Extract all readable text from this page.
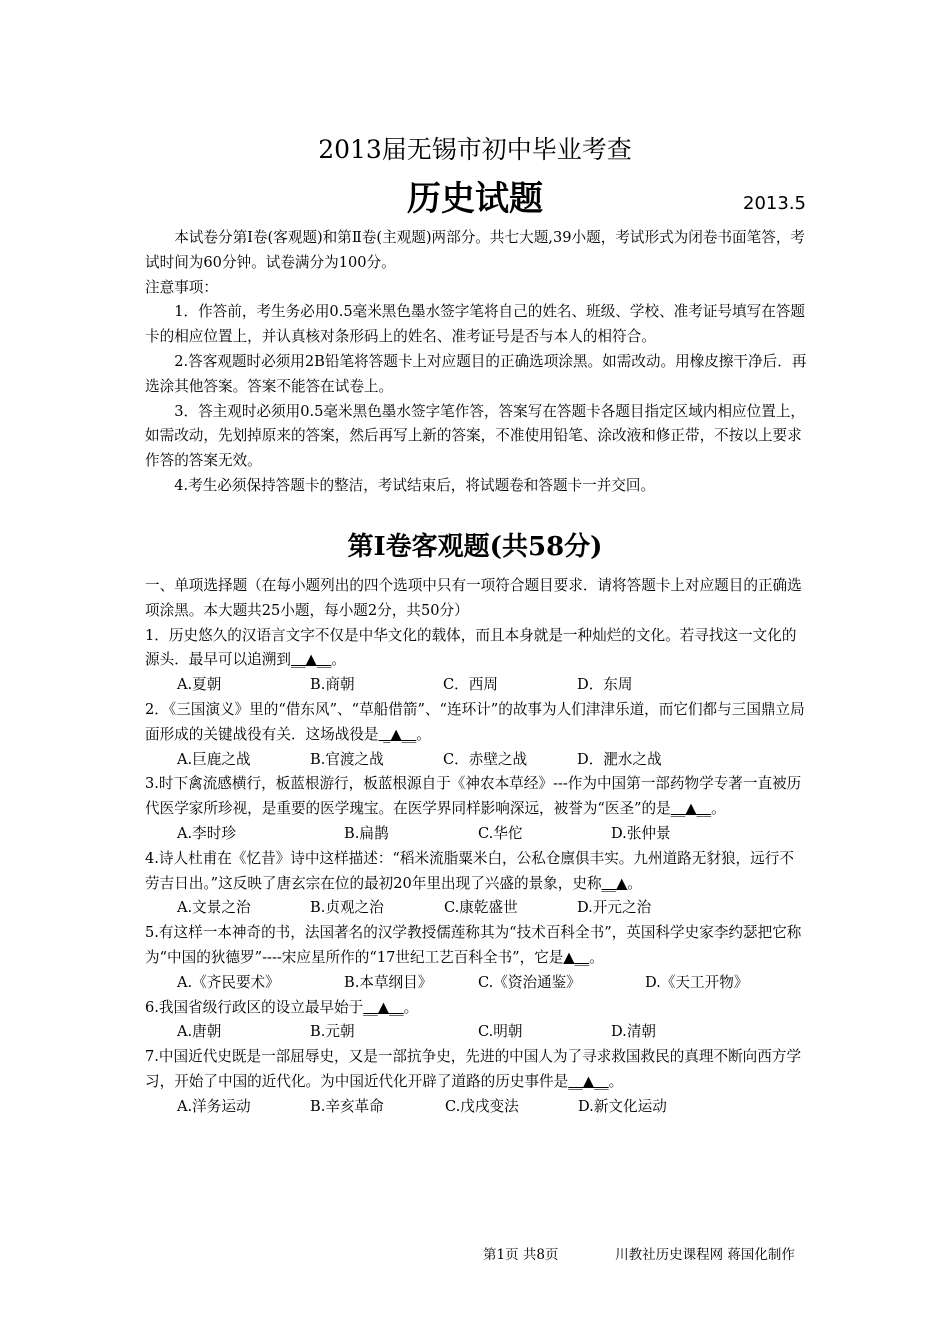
2013届无锡市初中毕业考查
历史试题	2013.5

本试卷分第Ⅰ卷(客观题)和第Ⅱ卷(主观题)两部分。共七大题,39小题，考试形式为闭卷书面笔答，考试时间为60分钟。试卷满分为100分。

注意事项：

1．作答前，考生务必用0.5毫米黑色墨水签字笔将自己的姓名、班级、学校、准考证号填写在答题卡的相应位置上，并认真核对条形码上的姓名、准考证号是否与本人的相符合。

2.答客观题时必须用2B铅笔将答题卡上对应题目的正确选项涂黑。如需改动。用橡皮擦干净后．再选涂其他答案。答案不能答在试卷上。

3．答主观时必须用0.5毫米黑色墨水签字笔作答，答案写在答题卡各题目指定区域内相应位置上，如需改动，先划掉原来的答案，然后再写上新的答案，不准使用铅笔、涂改液和修正带，不按以上要求作答的答案无效。

4.考生必须保持答题卡的整洁，考试结束后，将试题卷和答题卡一并交回。

第Ⅰ卷客观题(共58分)

一、单项选择题（在每小题列出的四个选项中只有一项符合题目要求．请将答题卡上对应题目的正确选项涂黑。本大题共25小题，每小题2分，共50分）

1．历史悠久的汉语言文字不仅是中华文化的载体，而且本身就是一种灿烂的文化。若寻找这一文化的源头．最早可以追溯到__▲__。

A.夏朝	B.商朝	C．西周	D．东周

2．《三国演义》里的“借东风”、“草船借箭”、“连环计”的故事为人们津津乐道，而它们都与三国鼎立局面形成的关键战役有关．这场战役是 _▲__。

A.巨鹿之战	B.官渡之战	C．赤壁之战	D．淝水之战

3.时下禽流感横行，板蓝根游行，板蓝根源自于《神农本草经》---作为中国第一部药物学专著一直被历代医学家所珍视，是重要的医学瑰宝。在医学界同样影响深远，被誉为“医圣”的是__▲__。

A.李时珍	B.扁鹊	C.华佗	D.张仲景

4.诗人杜甫在《忆昔》诗中这样描述：“稻米流脂粟米白，公私仓廪俱丰实。九州道路无豺狼，远行不劳吉日出。”这反映了唐玄宗在位的最初20年里出现了兴盛的景象，史称__▲。

A.文景之治	B.贞观之治	C.康乾盛世	D.开元之治

5.有这样一本神奇的书，法国著名的汉学教授儒莲称其为“技术百科全书”，英国科学史家李约瑟把它称为“中国的狄德罗”----宋应星所作的“17世纪工艺百科全书”，它是▲__。

A.《齐民要术》	B.本草纲目》	C.《资治通鉴》	D.《天工开物》

6.我国省级行政区的设立最早始于__▲__。

A.唐朝	B.元朝	C.明朝	D.清朝

7.中国近代史既是一部屈辱史，又是一部抗争史，先进的中国人为了寻求救国救民的真理不断向西方学习，开始了中国的近代化。为中国近代化开辟了道路的历史事件是__▲__。

A.洋务运动	B.辛亥革命	C.戊戌变法	D.新文化运动
第1页 共8页	川教社历史课程网 蒋国化制作
